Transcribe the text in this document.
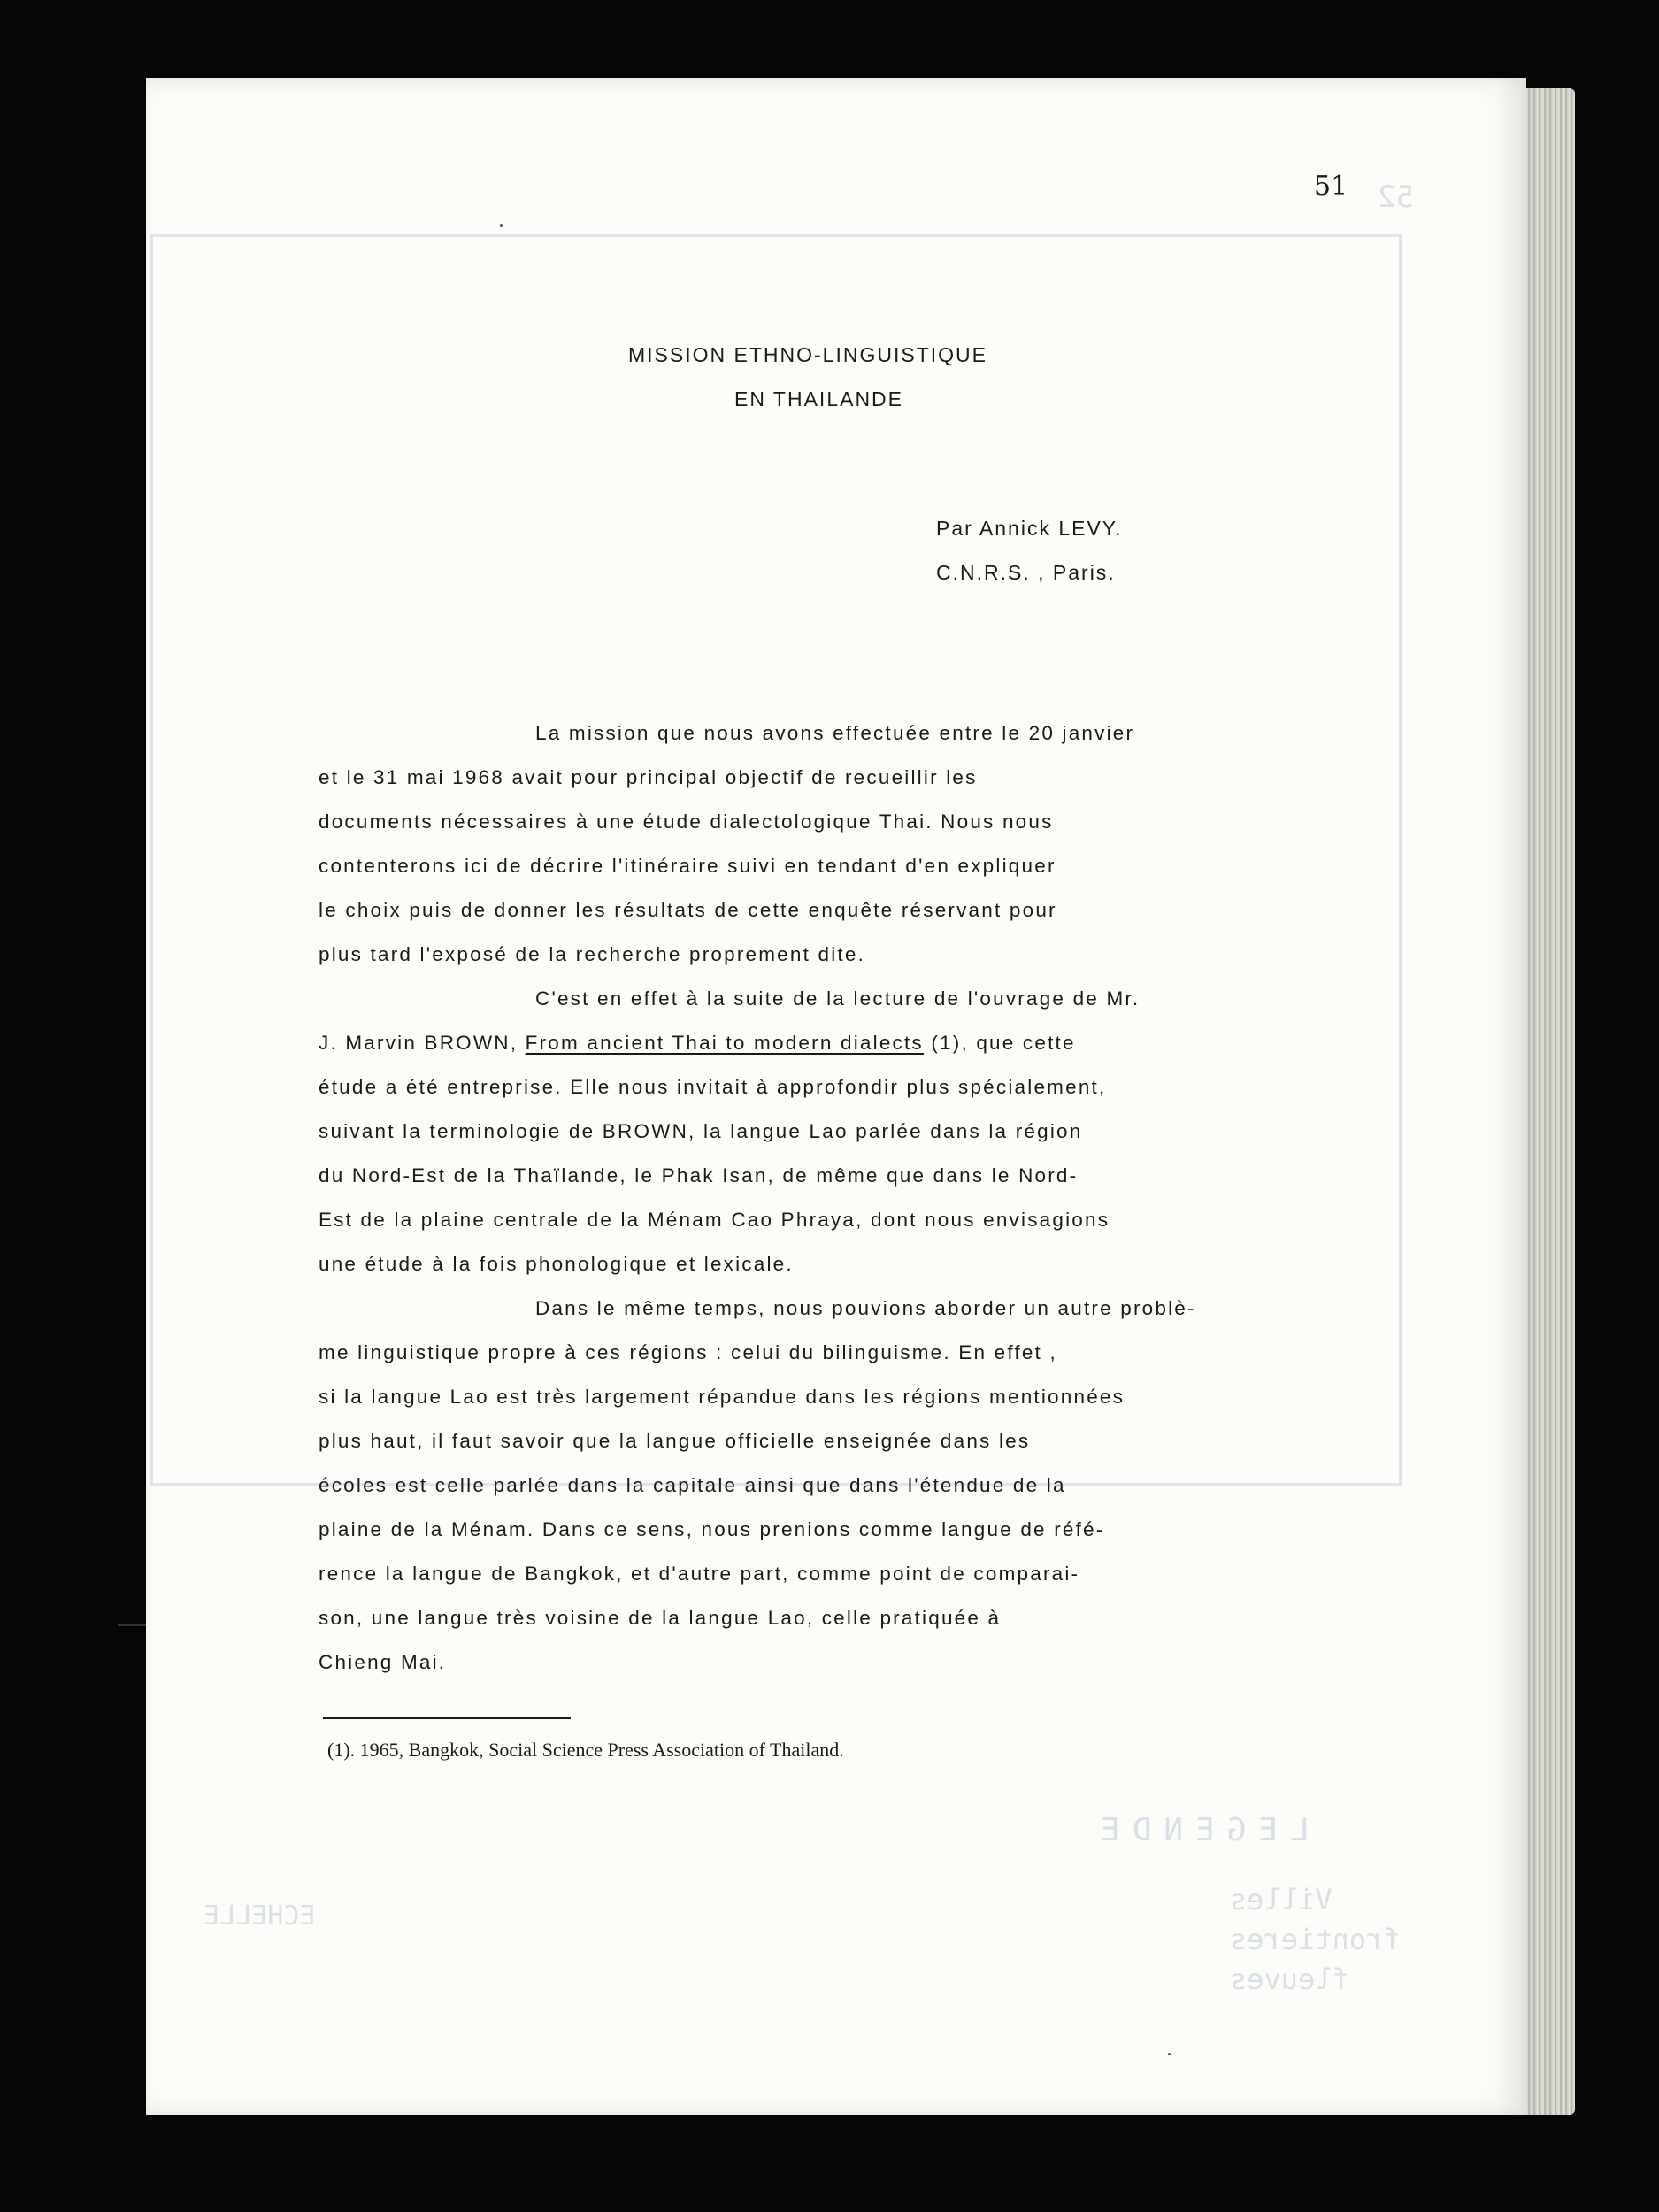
52
LEGENDE
Villes
frontieres
fleuves
ECHELLE
51
MISSION ETHNO-LINGUISTIQUE
EN THAILANDE
Par Annick LEVY.
C.N.R.S. , Paris.
La mission que nous avons effectuée entre le 20 janvier
et le 31 mai 1968 avait pour principal objectif de recueillir les
documents nécessaires à une étude dialectologique Thai. Nous nous
contenterons ici de décrire l'itinéraire suivi en tendant d'en expliquer
le choix puis de donner les résultats de cette enquête réservant pour
plus tard l'exposé de la recherche proprement dite.
C'est en effet à la suite de la lecture de l'ouvrage de Mr.
J. Marvin BROWN, From ancient Thai to modern dialects (1), que cette
étude a été entreprise. Elle nous invitait à approfondir plus spécialement,
suivant la terminologie de BROWN, la langue Lao parlée dans la région
du Nord-Est de la Thaïlande, le Phak Isan, de même que dans le Nord-
Est de la plaine centrale de la Ménam Cao Phraya, dont nous envisagions
une étude à la fois phonologique et lexicale.
Dans le même temps, nous pouvions aborder un autre problè-
me linguistique propre à ces régions : celui du bilinguisme. En effet ,
si la langue Lao est très largement répandue dans les régions mentionnées
plus haut, il faut savoir que la langue officielle enseignée dans les
écoles est celle parlée dans la capitale ainsi que dans l'étendue de la
plaine de la Ménam. Dans ce sens, nous prenions comme langue de réfé-
rence la langue de Bangkok, et d'autre part, comme point de comparai-
son, une langue très voisine de la langue Lao, celle pratiquée à
Chieng Mai.
(1). 1965, Bangkok, Social Science Press Association of Thailand.
